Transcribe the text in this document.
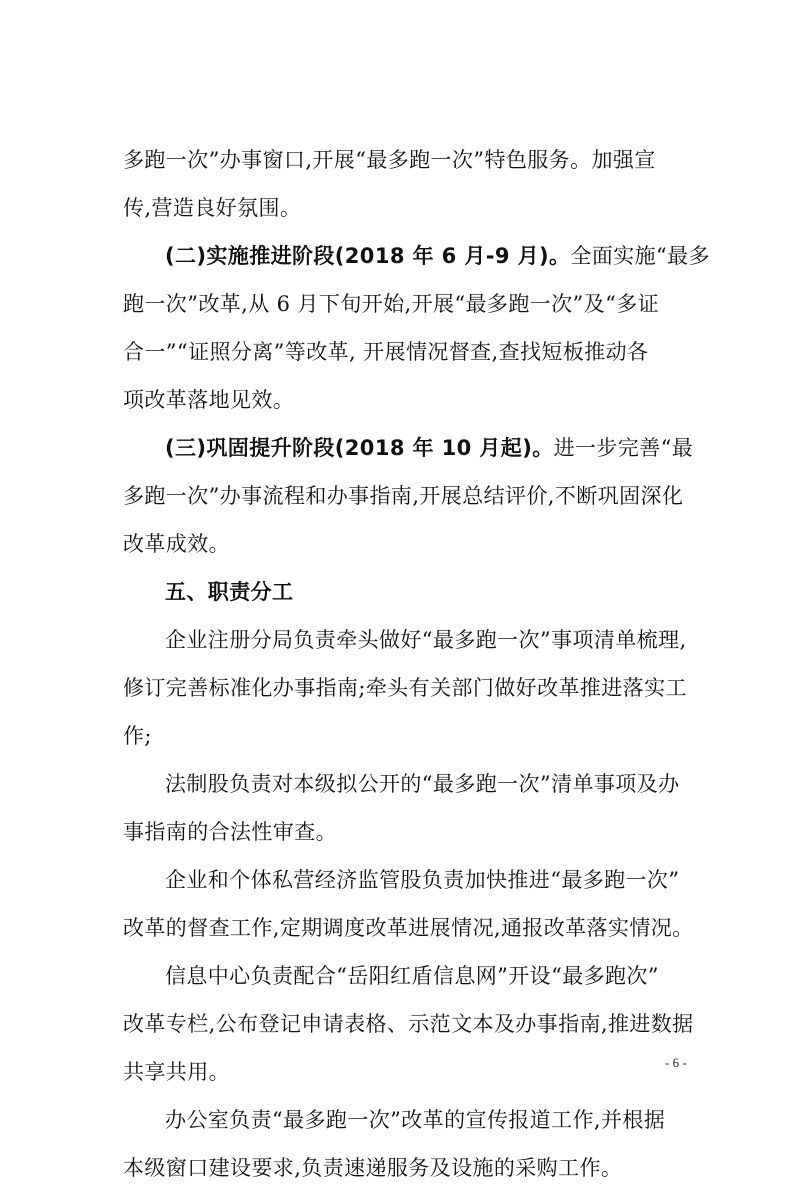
多跑一次”办事窗口,开展“最多跑一次”特色服务。加强宣
传,营造良好氛围。
(二)实施推进阶段(2018 年 6 月-9 月)。全面实施“最多
跑一次”改革,从 6 月下旬开始,开展“最多跑一次”及“多证
合一”“证照分离”等改革, 开展情况督查,查找短板推动各
项改革落地见效。
(三)巩固提升阶段(2018 年 10 月起)。进一步完善“最
多跑一次”办事流程和办事指南,开展总结评价,不断巩固深化
改革成效。
五、职责分工
企业注册分局负责牵头做好“最多跑一次”事项清单梳理,
修订完善标准化办事指南;牵头有关部门做好改革推进落实工
作;
法制股负责对本级拟公开的“最多跑一次”清单事项及办
事指南的合法性审查。
企业和个体私营经济监管股负责加快推进“最多跑一次”
改革的督查工作,定期调度改革进展情况,通报改革落实情况。
信息中心负责配合“岳阳红盾信息网”开设“最多跑次”
改革专栏,公布登记申请表格、示范文本及办事指南,推进数据
共享共用。
办公室负责“最多跑一次”改革的宣传报道工作,并根据
本级窗口建设要求,负责速递服务及设施的采购工作。
- 6 -
